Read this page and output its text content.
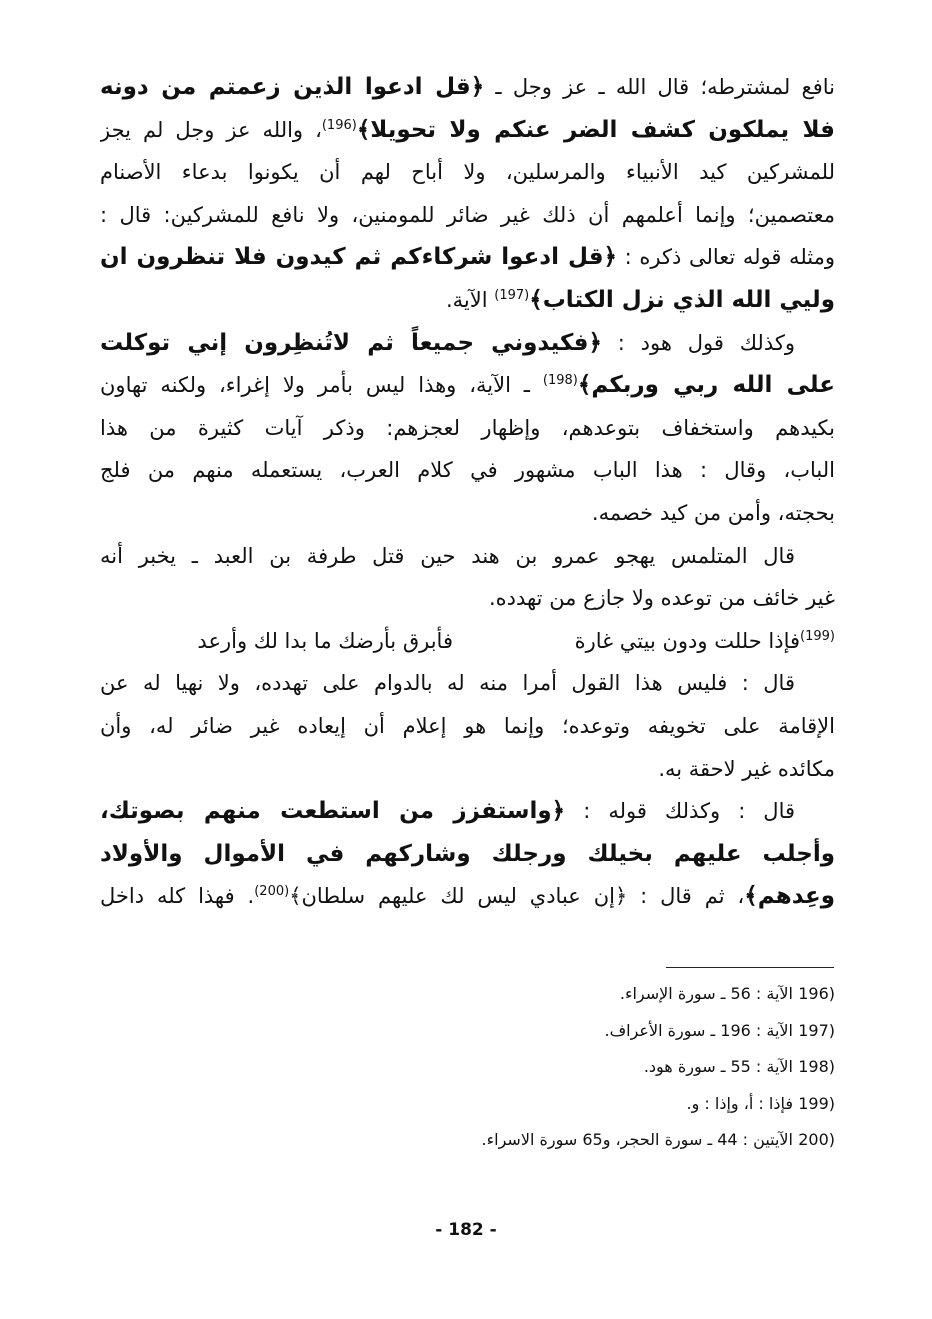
نافع لمشترطه؛ قال الله ـ عز وجل ـ ﴿قل ادعوا الذين زعمتم من دونه
فلا يملكون كشف الضر عنكم ولا تحويلا﴾$^{(196)}$، والله عز وجل لم يجز
للمشركين كيد الأنبياء والمرسلين، ولا أباح لهم أن يكونوا بدعاء الأصنام
معتصمين؛ وإنما أعلمهم أن ذلك غير ضائر للمومنين، ولا نافع للمشركين: قال :
ومثله قوله تعالى ذكره : ﴿قل ادعوا شركاءكم ثم كيدون فلا تنظرون ان
وليي الله الذي نزل الكتاب﴾$^{(197)}$ الآية.
وكذلك قول هود : ﴿فكيدوني جميعاً ثم لاتُنظِرون إني توكلت
على الله ربي وربكم﴾$^{(198)}$ ـ الآية، وهذا ليس بأمر ولا إغراء، ولكنه تهاون
بكيدهم واستخفاف بتوعدهم، وإظهار لعجزهم: وذكر آيات كثيرة من هذا
الباب، وقال : هذا الباب مشهور في كلام العرب، يستعمله منهم من فلج
بحجته، وأمن من كيد خصمه.
قال المتلمس يهجو عمرو بن هند حين قتل طرفة بن العبد ـ يخبر أنه
غير خائف من توعده ولا جازع من تهدده.
$^{(199)}$فإذا حللت ودون بيتي غارة
فأبرق بأرضك ما بدا لك وأرعد
قال : فليس هذا القول أمرا منه له بالدوام على تهدده، ولا نهيا له عن
الإقامة على تخويفه وتوعده؛ وإنما هو إعلام أن إيعاده غير ضائر له، وأن
مكائده غير لاحقة به.
قال : وكذلك قوله : ﴿واستفزز من استطعت منهم بصوتك،
وأجلب عليهم بخيلك ورجلك وشاركهم في الأموال والأولاد
وعِدهم﴾، ثم قال : ﴿إن عبادي ليس لك عليهم سلطان﴾$^{(200)}$. فهذا كله داخل
(196الآية : 56 ـ سورة الإسراء.
(197الآية : 196 ـ سورة الأعراف.
(198الآية : 55 ـ سورة هود.
(199فإذا : أ، وإذا : و.
(200الآيتين : 44 ـ سورة الحجر، و65 سورة الاسراء.
- 182 -
